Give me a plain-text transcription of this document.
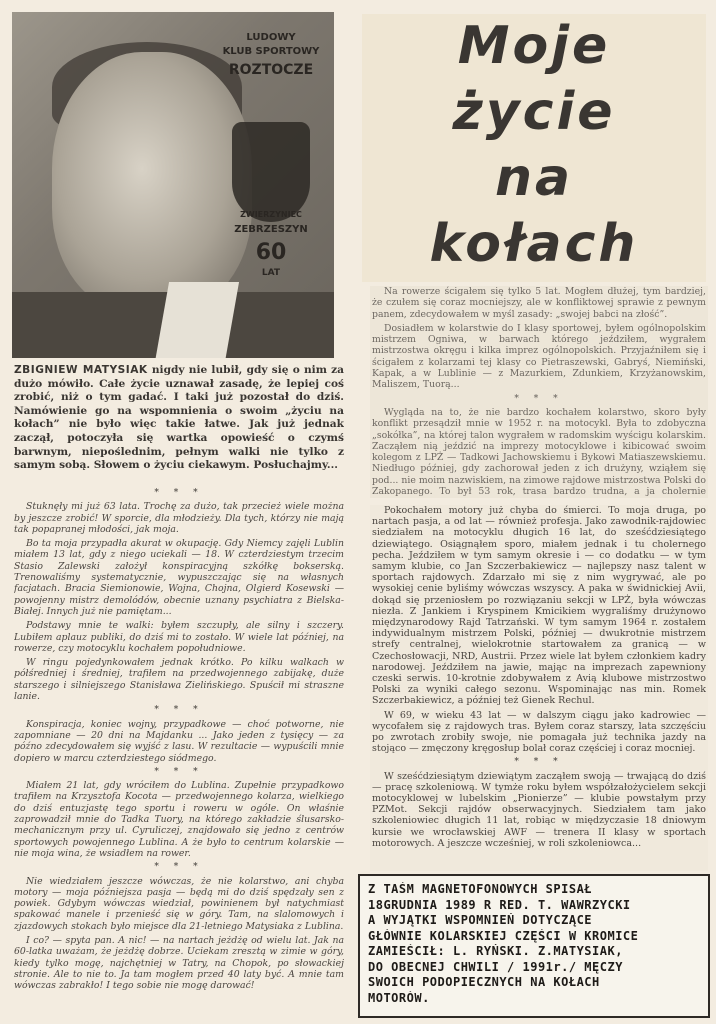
LUDOWY
KLUB SPORTOWY
ROZTOCZE
ZWIERZYNIEC
ZEBRZESZYN
60
LAT
Moje
życie
na
kołach
ZBIGNIEW MATYSIAK nigdy nie lubił, gdy się o nim za dużo mówiło. Całe życie uznawał zasadę, że lepiej coś zrobić, niż o tym gadać. I taki już pozostał do dziś. Namówienie go na wspomnienia o swoim „życiu na kołach” nie było więc takie łatwe. Jak już jednak zaczął, potoczyła się wartka opowieść o czymś barwnym, niepoślednim, pełnym walki nie tylko z samym sobą. Słowem o życiu ciekawym. Posłuchajmy...
* * *

Stuknęły mi już 63 lata. Trochę za dużo, tak przecież wiele można by jeszcze zrobić! W sporcie, dla młodzieży. Dla tych, którzy nie mają tak popapranej młodości, jak moja.

Bo ta moja przypadła akurat w okupację. Gdy Niemcy zajęli Lublin miałem 13 lat, gdy z niego uciekali — 18. W czterdziestym trzecim Stasio Zalewski założył konspiracyjną szkółkę bokserską. Trenowaliśmy systematycznie, wypuszczając się na własnych facjatach. Bracia Siemionowie, Wojna, Chojna, Olgierd Kosewski — powojenny mistrz demolódów, obecnie uznany psychiatra z Bielska-Białej. Innych już nie pamiętam...

Podstawy mnie te walki: byłem szczupły, ale silny i szczery. Lubiłem aplauz publiki, do dziś mi to zostało. W wiele lat później, na rowerze, czy motocyklu kochałem popołudniowe.

W ringu pojedynkowałem jednak krótko. Po kilku walkach w półśredniej i średniej, trafiłem na przedwojennego zabijakę, duże starszego i silniejszego Stanisława Zielińskiego. Spuścił mi straszne lanie.

* * *

Konspiracja, koniec wojny, przypadkowe — choć potworne, nie zapomniane — 20 dni na Majdanku ... Jako jeden z tysięcy — za późno zdecydowałem się wyjść z lasu. W rezultacie — wypuścili mnie dopiero w marcu czterdziestego siódmego.

* * *

Miałem 21 lat, gdy wróciłem do Lublina. Zupełnie przypadkowo trafiłem na Krzysztofa Kocota — przedwojennego kolarza, wielkiego do dziś entuzjastę tego sportu i roweru w ogóle. On właśnie zaprowadził mnie do Tadka Tuory, na którego zakładzie ślusarsko-mechanicznym przy ul. Cyruliczej, znajdowało się jedno z centrów sportowych powojennego Lublina. A że było to centrum kolarskie — nie moja wina, że wsiadłem na rower.

* * *

Nie wiedziałem jeszcze wówczas, że nie kolarstwo, ani chyba motory — moja późniejsza pasja — będą mi do dziś spędzały sen z powiek. Gdybym wówczas wiedział, powinienem był natychmiast spakować manele i przenieść się w góry. Tam, na slalomowych i zjazdowych stokach było miejsce dla 21-letniego Matysiaka z Lublina.

I co? — spyta pan. A nic! — na nartach jeżdżę od wielu lat. Jak na 60-latka uważam, że jeżdżę dobrze. Uciekam zresztą w zimie w góry, kiedy tylko mogę, najchętniej w Tatry, na Chopok, po słowackiej stronie. Ale to nie to. Ja tam mogłem przed 40 laty być. A mnie tam wówczas zabrakło! I tego sobie nie mogę darować!

Na rowerze ścigałem się tylko 5 lat. Mogłem dłużej, tym bardziej, że czułem się coraz mocniejszy, ale w konfliktowej sprawie z pewnym panem, zdecydowałem w myśl zasady: „swojej babci na złość”.

Dosiadłem w kolarstwie do I klasy sportowej, byłem ogólnopolskim mistrzem Ogniwa, w barwach którego jeździłem, wygrałem mistrzostwa okręgu i kilka imprez ogólnopolskich. Przyjaźniłem się i ścigałem z kolarzami tej klasy co Pietraszewski, Gabryś, Niemiński, Kapak, a w Lublinie — z Mazurkiem, Zdunkiem, Krzyżanowskim, Maliszem, Tuorą...

* * *

Wygląda na to, że nie bardzo kochałem kolarstwo, skoro były konflikt przesądził mnie w 1952 r. na motocykl. Była to zdobyczna „sokółka”, na której talon wygrałem w radomskim wyścigu kolarskim. Zacząłem nią jeździć na imprezy motocyklowe i kibicować swoim kolegom z LPŻ — Tadkowi Jachowskiemu i Bykowi Matiaszewskiemu. Niedługo później, gdy zachorował jeden z ich drużyny, wziąłem się pod... nie moim nazwiskiem, na zimowe rajdowe mistrzostwa Polski do Zakopanego. To był 53 rok, trasa bardzo trudna, a ja cholernie

Pokochałem motory już chyba do śmierci. To moja druga, po nartach pasja, a od lat — również profesja. Jako zawodnik-rajdowiec siedziałem na motocyklu długich 16 lat, do sześćdziesiątego dziewiątego. Osiągnąłem sporo, miałem jednak i tu cholernego pecha. Jeździłem w tym samym okresie i — co dodatku — w tym samym klubie, co Jan Szczerbakiewicz — najlepszy nasz talent w sportach rajdowych. Zdarzało mi się z nim wygrywać, ale po wysokiej cenie byliśmy wówczas wszyscy. A paka w świdnickiej Avii, dokąd się przeniosłem po rozwiązaniu sekcji w LPŻ, była wówczas niezła. Z Jankiem i Kryspinem Kmicikiem wygraliśmy drużynowo międzynarodowy Rajd Tatrzański. W tym samym 1964 r. zostałem indywidualnym mistrzem Polski, później — dwukrotnie mistrzem strefy centralnej, wielokrotnie startowałem za granicą — w Czechosłowacji, NRD, Austrii. Przez wiele lat byłem członkiem kadry narodowej. Jeździłem na jawie, mając na imprezach zapewniony czeski serwis. 10-krotnie zdobywałem z Avią klubowe mistrzostwo Polski za wyniki całego sezonu. Wspominając nas min. Romek Szczerbakiewicz, a później też Gienek Rechul.

W 69, w wieku 43 lat — w dalszym ciągu jako kadrowiec — wycofałem się z rajdowych tras. Byłem coraz starszy, lata szczęściu po zwrotach zrobiły swoje, nie pomagała już technika jazdy na stojąco — zmęczony kręgosłup bolał coraz częściej i coraz mocniej.

* * *

W sześćdziesiątym dziewiątym zacząłem swoją — trwającą do dziś — pracę szkoleniową. W tymże roku byłem współzałożycielem sekcji motocyklowej w lubelskim „Pionierze” — klubie powstałym przy PZMot. Sekcji rajdów obserwacyjnych. Siedziałem tam jako szkoleniowiec długich 11 lat, robiąc w międzyczasie 18 dniowym kursie we wrocławskiej AWF — trenera II klasy w sportach motorowych. A jeszcze wcześniej, w roli szkoleniowca...

Z TAŚM MAGNETOFONOWYCH SPISAŁ
18GRUDNIA 1989 R RED. T. WAWRZYCKI
A WYJĄTKI WSPOMNIEŃ DOTYCZĄCE
GŁÓWNIE KOLARSKIEJ CZĘŚCI W KROMICE
ZAMIEŚCIŁ: L. RYŃSKI. Z.MATYSIAK,
DO OBECNEJ CHWILI / 1991r./ MĘCZY
SWOICH PODOPIECZNYCH NA KOŁACH
MOTORÓW.
